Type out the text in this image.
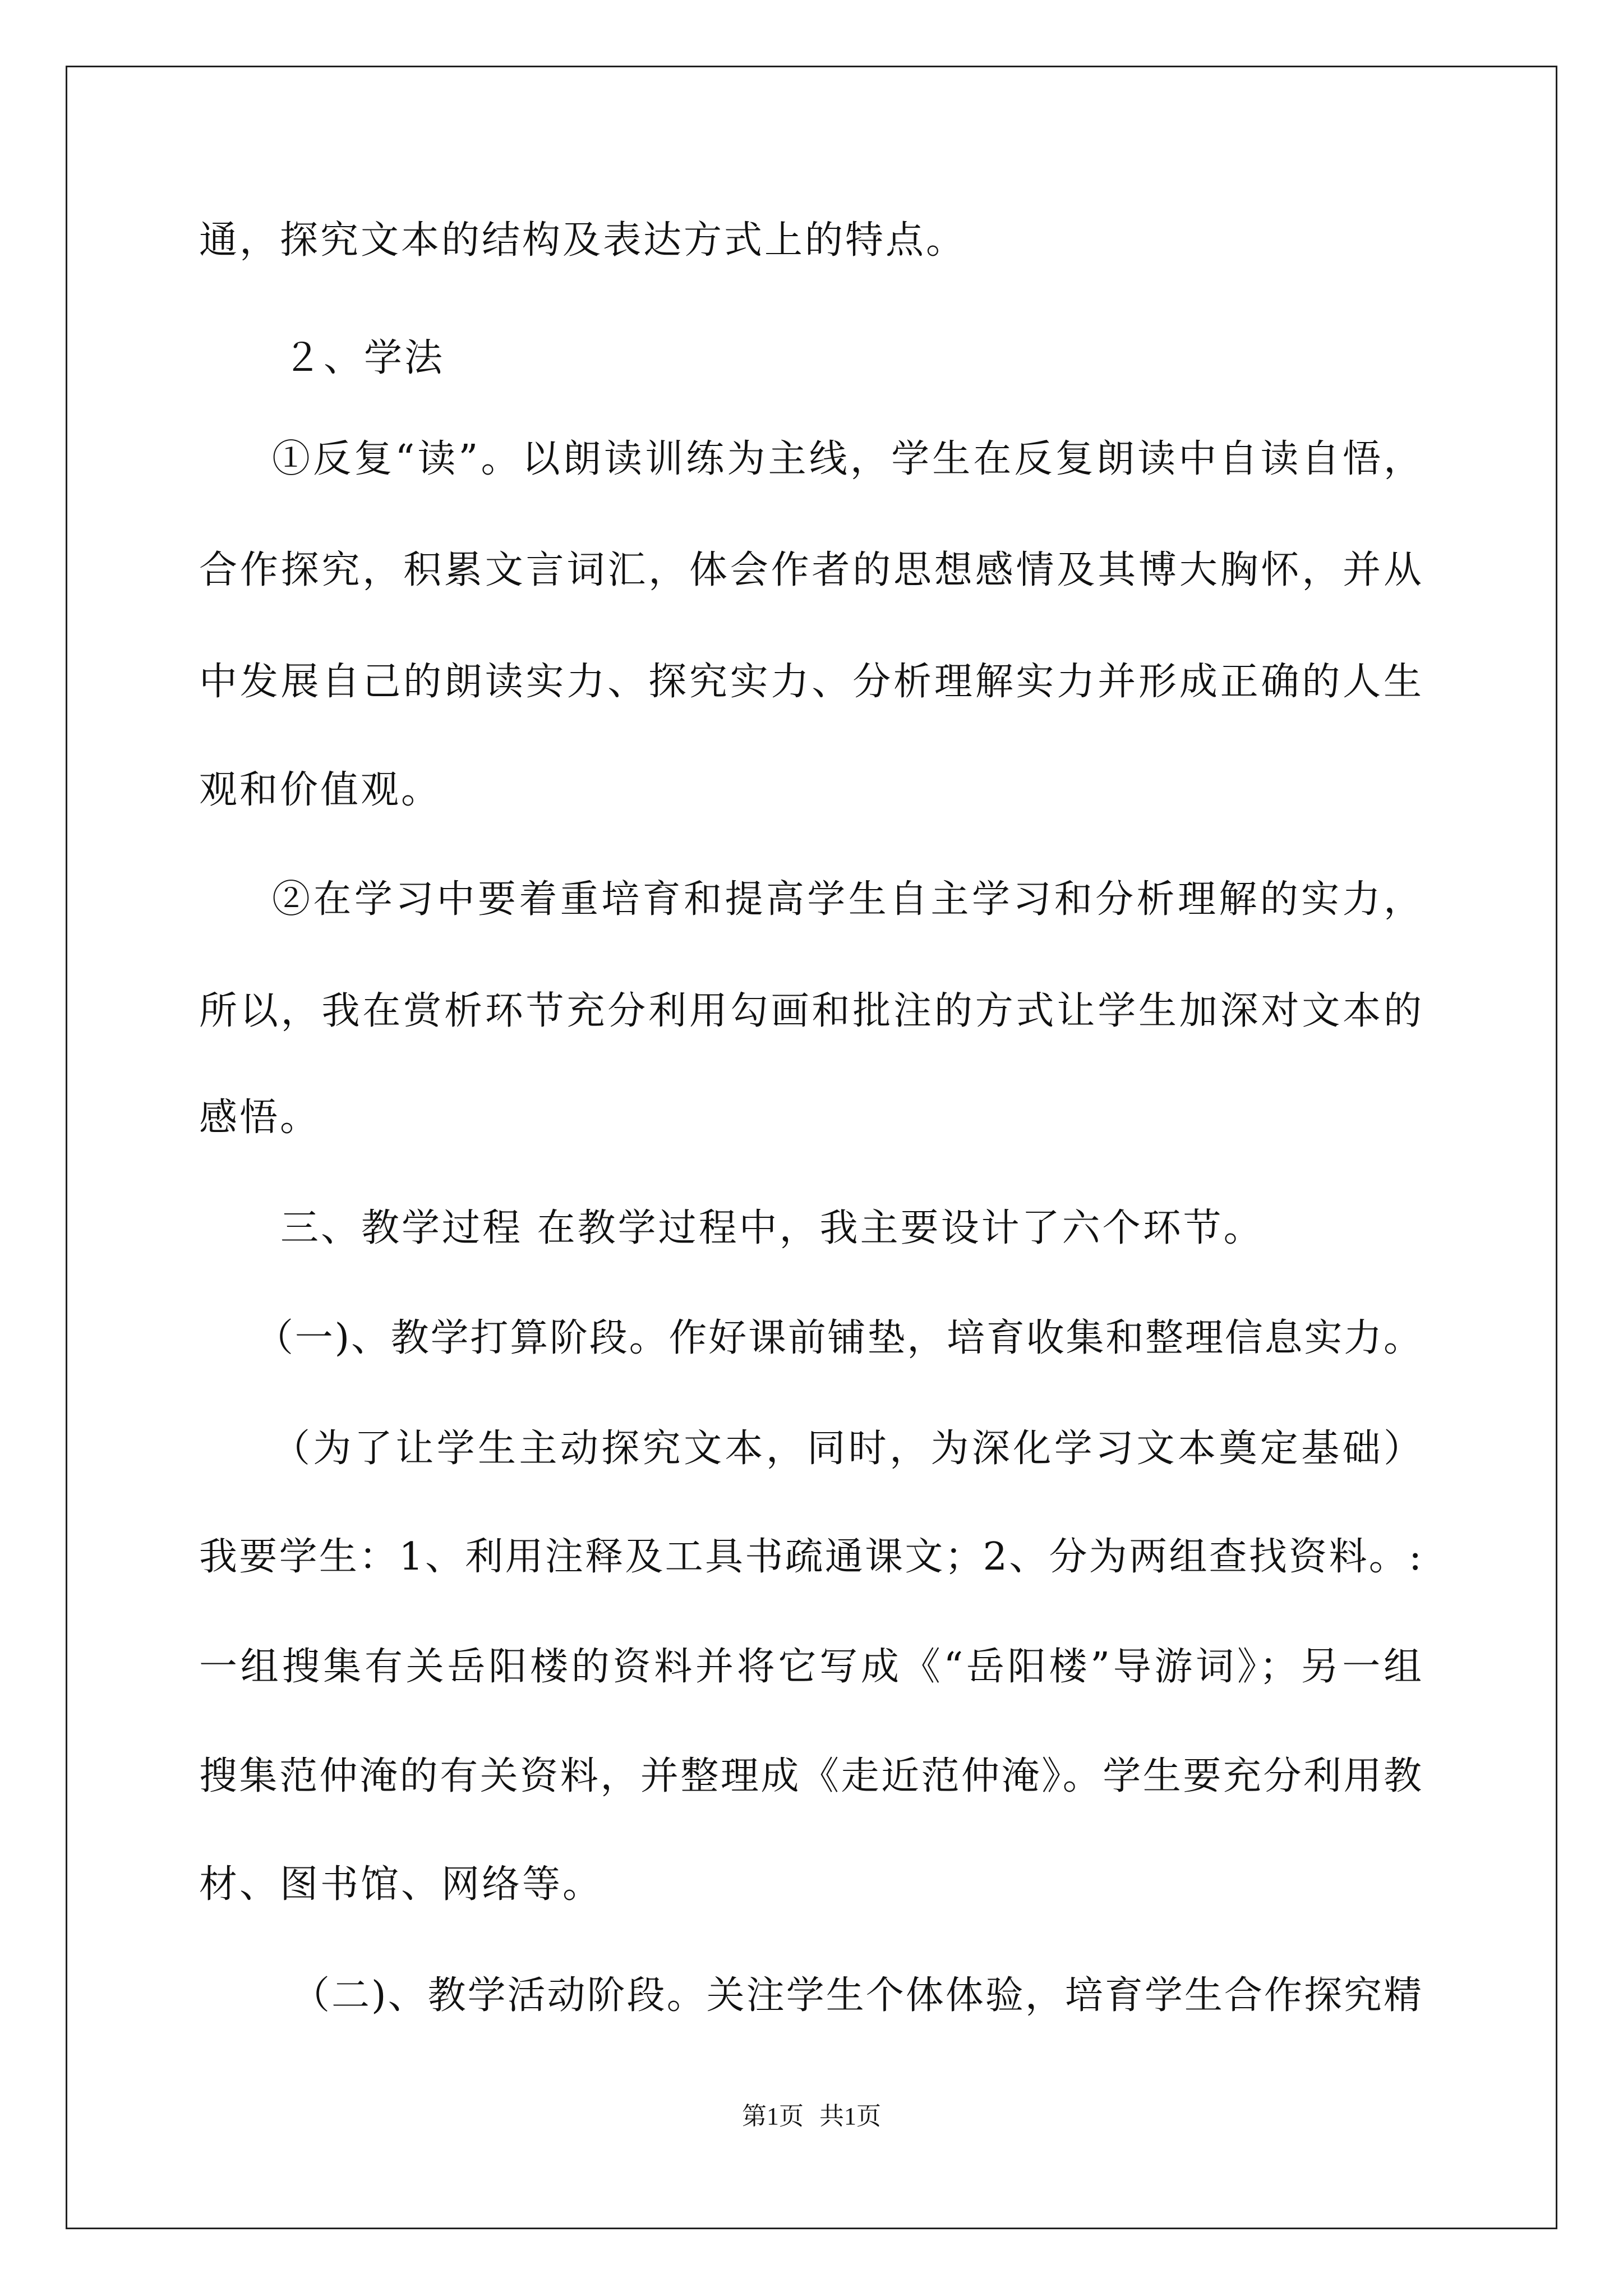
通，探究文本的结构及表达方式上的特点。
２、学法
①反复“读”。以朗读训练为主线，学生在反复朗读中自读自悟，
合作探究，积累文言词汇，体会作者的思想感情及其博大胸怀，并从
中发展自己的朗读实力、探究实力、分析理解实力并形成正确的人生
观和价值观。
②在学习中要着重培育和提高学生自主学习和分析理解的实力，
所以，我在赏析环节充分利用勾画和批注的方式让学生加深对文本的
感悟。
三、教学过程 在教学过程中，我主要设计了六个环节。
（一)、教学打算阶段。作好课前铺垫，培育收集和整理信息实力。
（为了让学生主动探究文本，同时，为深化学习文本奠定基础）
我要学生：1、利用注释及工具书疏通课文；2、分为两组查找资料。:
一组搜集有关岳阳楼的资料并将它写成《“岳阳楼”导游词》；另一组
搜集范仲淹的有关资料，并整理成《走近范仲淹》。学生要充分利用教
材、图书馆、网络等。
（二)、教学活动阶段。关注学生个体体验，培育学生合作探究精
第1页 共1页
